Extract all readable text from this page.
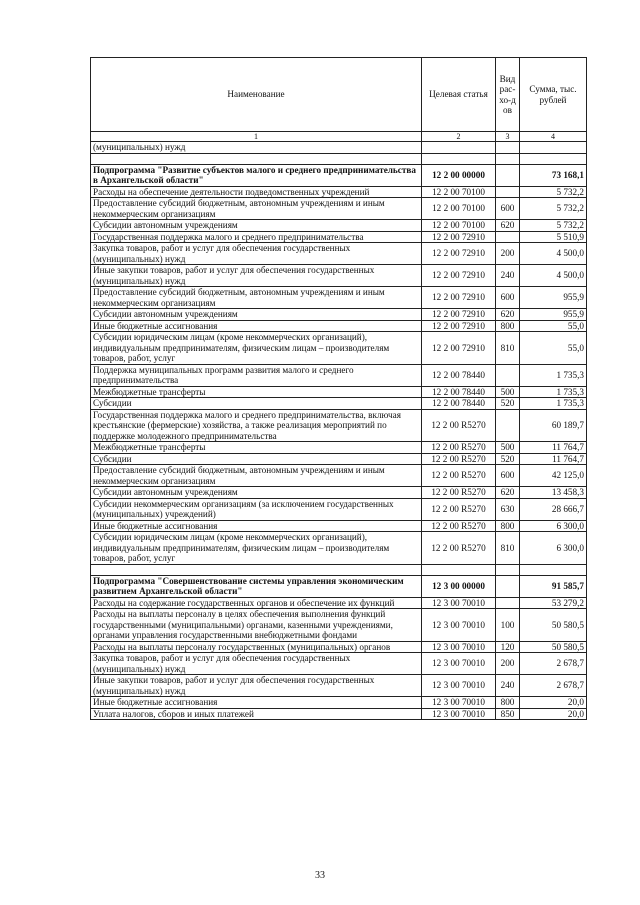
Наименование	Целевая статья	Вид рас-хо-дов	Сумма, тыс. рублей
1	2	3	4
(муниципальных) нужд			

Подпрограмма "Развитие субъектов малого и среднего предпринимательства в Архангельской области"	12 2 00 00000		73 168,1
Расходы на обеспечение деятельности подведомственных учреждений	12 2 00 70100		5 732,2
Предоставление субсидий бюджетным, автономным учреждениям и иным некоммерческим организациям	12 2 00 70100	600	5 732,2
Субсидии автономным учреждениям	12 2 00 70100	620	5 732,2
Государственная поддержка малого и среднего предпринимательства	12 2 00 72910		5 510,9
Закупка товаров, работ и услуг для обеспечения государственных (муниципальных) нужд	12 2 00 72910	200	4 500,0
Иные закупки товаров, работ и услуг для обеспечения государственных (муниципальных) нужд	12 2 00 72910	240	4 500,0
Предоставление субсидий бюджетным, автономным учреждениям и иным некоммерческим организациям	12 2 00 72910	600	955,9
Субсидии автономным учреждениям	12 2 00 72910	620	955,9
Иные бюджетные ассигнования	12 2 00 72910	800	55,0
Субсидии юридическим лицам (кроме некоммерческих организаций), индивидуальным предпринимателям, физическим лицам – производителям товаров, работ, услуг	12 2 00 72910	810	55,0
Поддержка муниципальных программ развития малого и среднего предпринимательства	12 2 00 78440		1 735,3
Межбюджетные трансферты	12 2 00 78440	500	1 735,3
Субсидии	12 2 00 78440	520	1 735,3
Государственная поддержка малого и среднего предпринимательства, включая крестьянские (фермерские) хозяйства, а также реализация мероприятий по поддержке молодежного предпринимательства	12 2 00 R5270		60 189,7
Межбюджетные трансферты	12 2 00 R5270	500	11 764,7
Субсидии	12 2 00 R5270	520	11 764,7
Предоставление субсидий бюджетным, автономным учреждениям и иным некоммерческим организациям	12 2 00 R5270	600	42 125,0
Субсидии автономным учреждениям	12 2 00 R5270	620	13 458,3
Субсидии некоммерческим организациям (за исключением государственных (муниципальных) учреждений)	12 2 00 R5270	630	28 666,7
Иные бюджетные ассигнования	12 2 00 R5270	800	6 300,0
Субсидии юридическим лицам (кроме некоммерческих организаций), индивидуальным предпринимателям, физическим лицам – производителям товаров, работ, услуг	12 2 00 R5270	810	6 300,0

Подпрограмма "Совершенствование системы управления экономическим развитием Архангельской области"	12 3 00 00000		91 585,7
Расходы на содержание государственных органов и обеспечение их функций	12 3 00 70010		53 279,2
Расходы на выплаты персоналу в целях обеспечения выполнения функций государственными (муниципальными) органами, казенными учреждениями, органами управления государственными внебюджетными фондами	12 3 00 70010	100	50 580,5
Расходы на выплаты персоналу государственных (муниципальных) органов	12 3 00 70010	120	50 580,5
Закупка товаров, работ и услуг для обеспечения государственных (муниципальных) нужд	12 3 00 70010	200	2 678,7
Иные закупки товаров, работ и услуг для обеспечения государственных (муниципальных) нужд	12 3 00 70010	240	2 678,7
Иные бюджетные ассигнования	12 3 00 70010	800	20,0
Уплата налогов, сборов и иных платежей	12 3 00 70010	850	20,0
33
